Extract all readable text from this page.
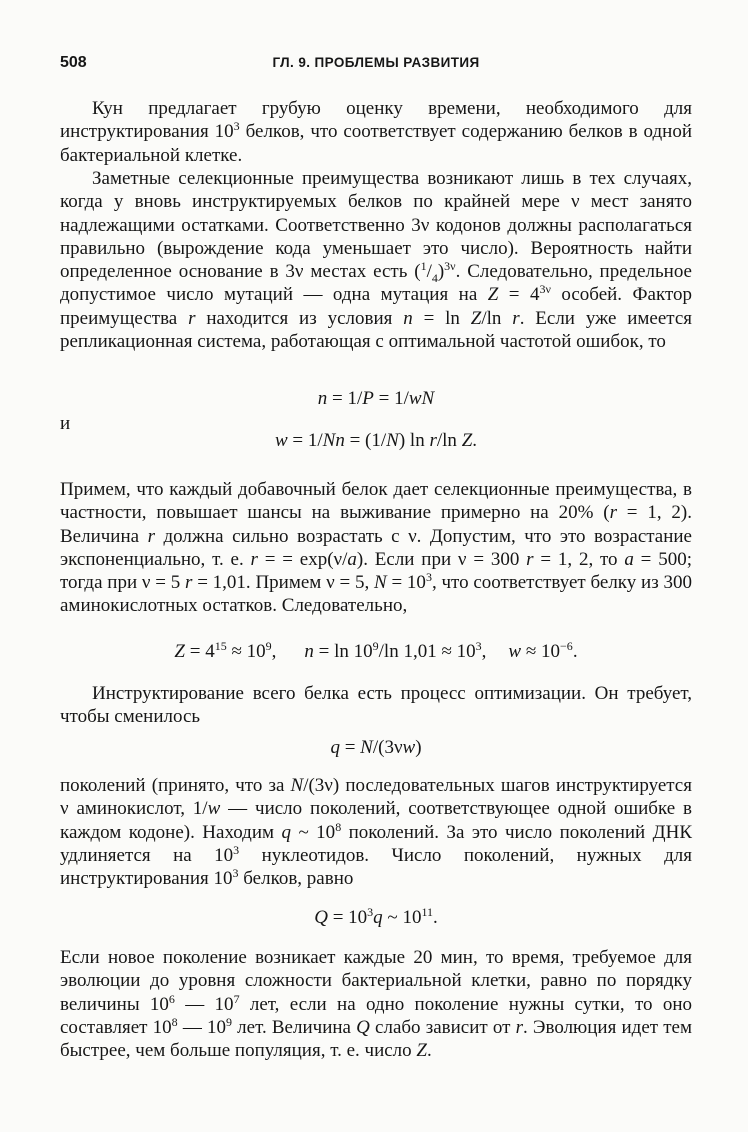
508	ГЛ. 9. ПРОБЛЕМЫ РАЗВИТИЯ

Кун предлагает грубую оценку времени, необходимого для инструктирования $10^3$ белков, что соответствует содержанию белков в одной бактериальной клетке.

Заметные селекционные преимущества возникают лишь в тех случаях, когда у вновь инструктируемых белков по крайней мере ν мест занято надлежащими остатками. Соответственно 3ν кодонов должны располагаться правильно (вырождение кода уменьшает это число). Вероятность найти определенное основание в 3ν местах есть $(^1/_4)^{3\nu}$. Следовательно, предельное допустимое число мутаций — одна мутация на $Z = 4^{3\nu}$ особей. Фактор преимущества r находится из условия n = ln Z/ln r. Если уже имеется репликационная система, работающая с оптимальной частотой ошибок, то

n = 1/P = 1/wN
и
w = 1/Nn = (1/N) ln r/ln Z.

Примем, что каждый добавочный белок дает селекционные преимущества, в частности, повышает шансы на выживание примерно на 20% (r = 1, 2). Величина r должна сильно возрастать с ν. Допустим, что это возрастание экспоненциально, т. е. r = = exp(ν/a). Если при ν = 300 r = 1, 2, то a = 500; тогда при ν = 5 r = 1,01. Примем ν = 5, $N = 10^3$, что соответствует белку из 300 аминокислотных остатков. Следовательно,

$Z = 4^{15} \approx 10^9$, $n = \ln 10^9/\ln$ $1,01 \approx 10^3$, $w \approx 10^{-6}$.

Инструктирование всего белка есть процесс оптимизации. Он требует, чтобы сменилось

q = N/(3νw)

поколений (принято, что за N/(3ν) последовательных шагов инструктируется ν аминокислот, 1/w — число поколений, соответствующее одной ошибке в каждом кодоне). Находим q ~ $10^8$ поколений. За это число поколений ДНК удлиняется на $10^3$ нуклеотидов. Число поколений, нужных для инструктирования $10^3$ белков, равно

$Q = 10^3q$ ~ $10^{11}$.

Если новое поколение возникает каждые 20 мин, то время, требуемое для эволюции до уровня сложности бактериальной клетки, равно по порядку величины $10^6$ — $10^7$ лет, если на одно поколение нужны сутки, то оно составляет $10^8$ — $10^9$ лет. Величина Q слабо зависит от r. Эволюция идет тем быстрее, чем больше популяция, т. е. число Z.
